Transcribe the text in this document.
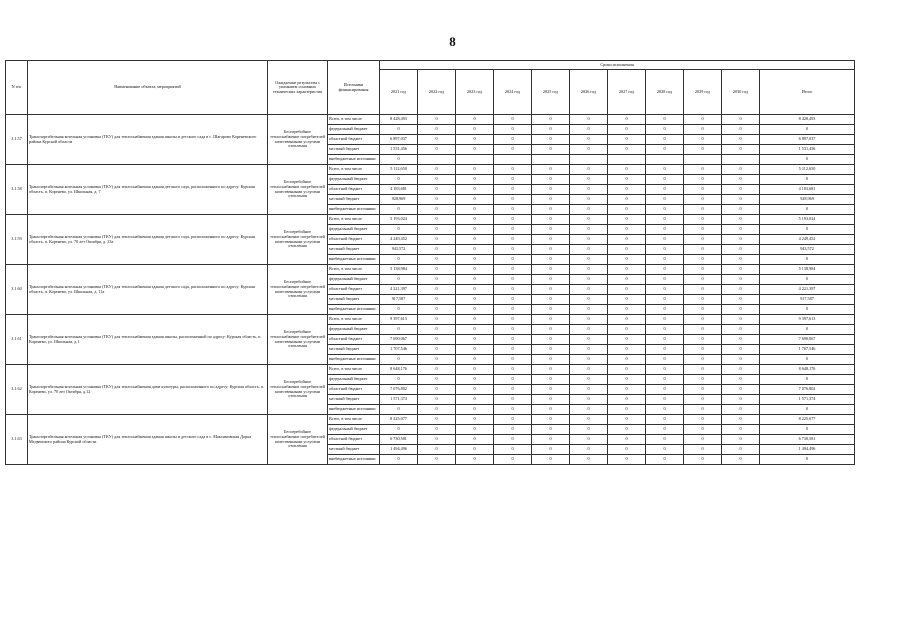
8
N п/п	Наименование объекта, мероприятий	Ожидаемые результаты с указанием основных технических характеристик	Источники финансирования	Сроки исполнения										
				2021 год	2022 год	2023 год	2024 год	2025 год	2026 год	2027 год	2028 год	2029 год	2030 год	Итого
3.1.57	Транспортабельная котельная установка (ТКУ) для теплоснабжения здания школы и детского сада в с. Шагарово Кореневского района Курской области	Бесперебойное теплоснабжение потребителей качественными услугами отопления	Всего, в том числе	8 428,493	0	0	0	0	0	0	0	0	0	8 428,493
			федеральный бюджет	0	0	0	0	0	0	0	0	0	0	0
			областной бюджет	6 897,037	0	0	0	0	0	0	0	0	0	6 897,037
			местный бюджет	1 531,456	0	0	0	0	0	0	0	0	0	1 531,456
			внебюджетные источники	0										0
3.1.58	Транспортабельная котельная установка (ТКУ) для теплоснабжения здания детского сада, расположенного по адресу: Курская область, п. Коренево, ул. Школьная, д. 7	Бесперебойное теплоснабжение потребителей качественными услугами отопления	Всего, в том числе	5 112,650	0	0	0	0	0	0	0	0	0	5 112,650
			федеральный бюджет	0	0	0	0	0	0	0	0	0	0	0
			областной бюджет	4 183,681	0	0	0	0	0	0	0	0	0	4 183,681
			местный бюджет	928,969	0	0	0	0	0	0	0	0	0	928,969
			внебюджетные источники	0	0	0	0	0	0	0	0	0	0	0
3.1.59	Транспортабельная котельная установка (ТКУ) для теплоснабжения здания детского сада, расположенного по адресу: Курская область, п. Коренево, ул. 70 лет Октября, д. 23а	Бесперебойное теплоснабжение потребителей качественными услугами отопления	Всего, в том числе	5 193,024	0	0	0	0	0	0	0	0	0	5 193,024
			федеральный бюджет	0	0	0	0	0	0	0	0	0	0	0
			областной бюджет	4 249,452	0	0	0	0	0	0	0	0	0	4 249,452
			местный бюджет	943,572	0	0	0	0	0	0	0	0	0	943,572
			внебюджетные источники	0	0	0	0	0	0	0	0	0	0	0
3.1.60	Транспортабельная котельная установка (ТКУ) для теплоснабжения здания детского сада, расположенного по адресу: Курская область, п. Коренево, ул. Школьная, д. 11а	Бесперебойное теплоснабжение потребителей качественными услугами отопления	Всего, в том числе	5 138,984	0	0	0	0	0	0	0	0	0	5 138,984
			федеральный бюджет	0	0	0	0	0	0	0	0	0	0	0
			областной бюджет	4 221,397	0	0	0	0	0	0	0	0	0	4 221,397
			местный бюджет	917,587	0	0	0	0	0	0	0	0	0	917,587
			внебюджетные источники	0	0	0	0	0	0	0	0	0	0	0
3.1.61	Транспортабельная котельная установка (ТКУ) для теплоснабжения здания школы, расположенной по адресу: Курская область, п. Коренево, ул. Школьная, д.1	Бесперебойное теплоснабжение потребителей качественными услугами отопления	Всего, в том числе	9 397,613	0	0	0	0	0	0	0	0	0	9 397,613
			федеральный бюджет	0	0	0	0	0	0	0	0	0	0	0
			областной бюджет	7 690,067	0	0	0	0	0	0	0	0	0	7 690,067
			местный бюджет	1 707,546	0	0	0	0	0	0	0	0	0	1 707,546
			внебюджетные источники	0	0	0	0	0	0	0	0	0	0	0
3.1.62	Транспортабельная котельная установка (ТКУ) для теплоснабжения дома культуры, расположенного по адресу: Курская область, п. Коренево, ул. 70 лет Октября, д.12	Бесперебойное теплоснабжение потребителей качественными услугами отопления	Всего, в том числе	8 648,176	0	0	0	0	0	0	0	0	0	8 648,176
			федеральный бюджет	0	0	0	0	0	0	0	0	0	0	0
			областной бюджет	7 076,802	0	0	0	0	0	0	0	0	0	7 076,802
			местный бюджет	1 571,374	0	0	0	0	0	0	0	0	0	1 571,374
			внебюджетные источники	0	0	0	0	0	0	0	0	0	0	0
3.1.63	Транспортабельная котельная установка (ТКУ) для теплоснабжения здания школы и детского сада в с. Максимовская Дорка Медвенского района Курской области	Бесперебойное теплоснабжение потребителей качественными услугами отопления	Всего, в том числе	8 225,077	0	0	0	0	0	0	0	0	0	8 225,077
			федеральный бюджет	0	0	0	0	0	0	0	0	0	0	0
			областной бюджет	6 730,581	0	0	0	0	0	0	0	0	0	6 730,581
			местный бюджет	1 494,496	0	0	0	0	0	0	0	0	0	1 494,496
			внебюджетные источники	0	0	0	0	0	0	0	0	0	0	0
